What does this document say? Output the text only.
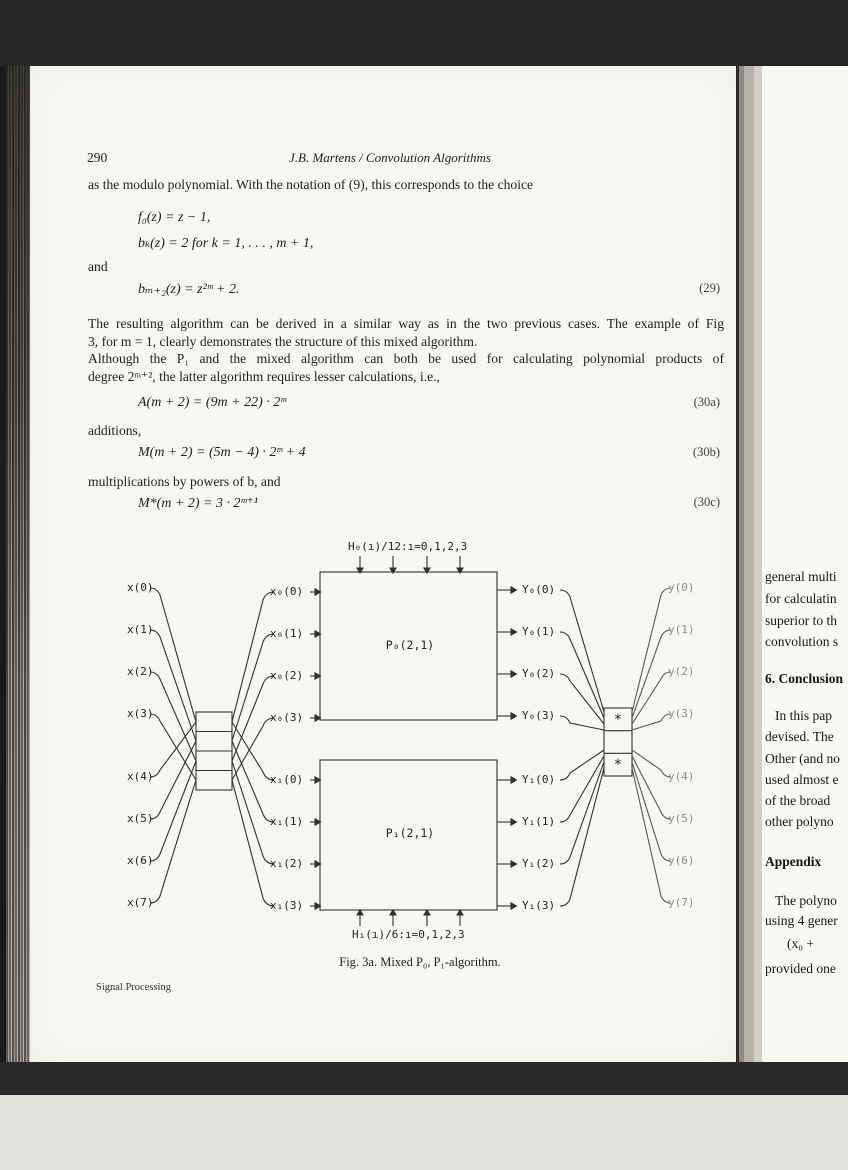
290	J.B. Martens / Convolution Algorithms
as the modulo polynomial. With the notation of (9), this corresponds to the choice
f₀(z) = z − 1,
bₖ(z) = 2 for k = 1, . . . , m + 1,
and
bₘ₊₂(z) = z²ᵐ + 2.	(29)
The resulting algorithm can be derived in a similar way as in the two previous cases. The example of Fig
3, for m = 1, clearly demonstrates the structure of this mixed algorithm.
Although the P₁ and the mixed algorithm can both be used for calculating polynomial products of
degree 2ᵐ⁺², the latter algorithm requires lesser calculations, i.e.,
A(m + 2) = (9m + 22) · 2ᵐ	(30a)
additions,
M(m + 2) = (5m − 4) · 2ᵐ + 4	(30b)
multiplications by powers of b, and
M*(m + 2) = 3 · 2ᵐ⁺¹	(30c)
H₀(ı)/12:ı=0,1,2,3
H₁(ı)/6:ı=0,1,2,3
P₀(2,1)
P₁(2,1)
*
*
x(0)
x(1)
x(2)
x(3)
x(4)
x(5)
x(6)
x(7)
x₀(0)
x₀(1)
x₀(2)
x₀(3)
x₁(0)
x₁(1)
x₁(2)
x₁(3)
Y₀(0)
Y₀(1)
Y₀(2)
Y₀(3)
Y₁(0)
Y₁(1)
Y₁(2)
Y₁(3)
y(0)
y(1)
y(2)
y(3)
y(4)
y(5)
y(6)
y(7)
Fig. 3a. Mixed P₀, P₁-algorithm.
Signal Processing
general multi
for calculatin
superior to th
convolution s
6. Conclusion
In this pap
devised. The
Other (and no
used almost e
of the broad
other polyno
Appendix
The polyno
using 4 gener
(x₀ +
provided one
